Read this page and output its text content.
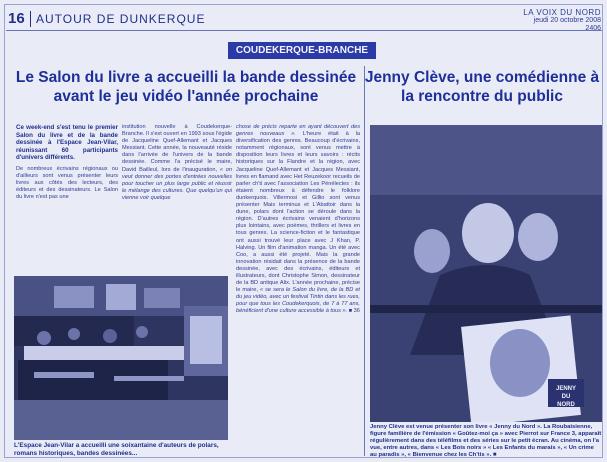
16 AUTOUR DE DUNKERQUE	LA VOIX DU NORD
jeudi 20 octobre 2008
2406
COUDEKERQUE-BRANCHE
Le Salon du livre a accueilli la bande dessinée avant le jeu vidéo l'année prochaine
Jenny Clève, une comédienne à la rencontre du public
Ce week-end s'est tenu le premier Salon du livre et de la bande dessinée à l'Espace Jean-Vilar, réunissant 60 participants d'univers différents.
De nombreux écrivains régionaux ou d'ailleurs sont venus présenter leurs livres aux côtés des lecteurs, des éditeurs et des dessinateurs. Le Salon du livre n'est pas une
institution nouvelle à Coudekerque-Branche. Il s'est ouvert en 1993 sous l'égide de Jacqueline Quef-Allemant et Jacques Messiant. Cette année, la nouveauté réside dans l'arrivée de l'univers de la bande dessinée. Comme l'a précisé le maire, David Bailleul, lors de l'inauguration, « on veut donner des portes d'entrées nouvelles pour toucher un plus large public et réussir le mélange des cultures. Que quelqu'un qui vienne voir quelque
chose de précis reparte en ayant découvert des genres nouveaux ». L'heure était à la diversification des genres. Beaucoup d'écrivains, notamment régionaux, sont venus mettre à disposition leurs livres et leurs savoirs : récits historiques sur la Flandre et la région, avec Jacqueline Quef-Allemant et Jacques Messiant, livres en flamand avec Het Reuzekoor recueils de parler ch'ti avec l'association Les Pénélectes : ils étaient nombreux à défendre le folklore dunkerquois. Villermosi et Gillio sont venus présenter Mais terminus et L'Abattoir dans la dune, polars dont l'action se déroule dans la région. D'autres écrivains venaient d'horizons plus lointains, avec poèmes, thrillers et livres en tous genres. La science-fiction et le fantastique ont aussi trouvé leur place avec J Khan, P. Halving. Un film d'animation manga. Un été avec Coo, a aussi été projeté. Mais la grande innovation résidait dans la présence de la bande dessinée, avec des écrivains, éditeurs et illustrateurs, dont Christophe Simon, dessinateur de la BD antique Alix. L'année prochaine, précise le maire, « se sera le Salon du livre, de la BD et du jeu vidéo, avec un festival Tintin dans les rues, pour que tous les Coudekerquois, de 7 à 77 ans, bénéficient d'une culture accessible à tous ». ■ 36
L'Espace Jean-Vilar a accueilli une soixantaine d'auteurs de polars, romans historiques, bandes dessinées...
JENNY DU NORD
Jenny Clève est venue présenter son livre « Jenny du Nord ». La Roubaisienne, figure familière de l'émission « Goûtez-moi ça » avec Pierrot sur France 3, apparaît régulièrement dans des téléfilms et des séries sur le petit écran. Au cinéma, on l'a vue, entre autres, dans « Les Bois noirs » « Les Enfants du marais », « Un crime au paradis », « Bienvenue chez les Ch'tis ». ■
